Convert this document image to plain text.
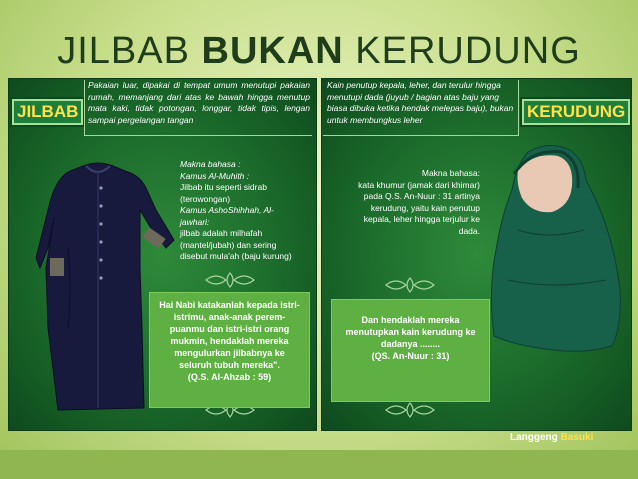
JILBAB BUKAN KERUDUNG
JILBAB	KERUDUNG
Pakaian luar, dipakai di tempat umum menutupi pakaian rumah, memanjang dari atas ke bawah hingga menutup mata kaki, tidak potongan, longgar, tidak tipis, lengan sampai pergelangan tangan
Kain penutup kepala, leher, dan terulur hingga menutupi dada (juyub / bagian atas baju yang biasa dibuka ketika hendak melepas baju), bukan untuk membungkus leher
Makna bahasa :
Kamus Al-Muhith :
Jilbab itu seperti sidrab
(terowongan)
Kamus AshoShihhah, Al-
jawhari:
jilbab adalah milhafah
(mantel/jubah) dan sering
disebut mula'ah (baju kurung)
Makna bahasa:
kata khumur (jamak dari khimar)
pada Q.S. An-Nuur : 31 artinya
kerudung, yaitu kain penutup
kepala, leher hingga terjulur ke
dada.
Hai Nabi katakanlah kepada istri-istrimu, anak-anak perem-puanmu dan istri-istri orang mukmin, hendaklah mereka mengulurkan jilbabnya ke seluruh tubuh mereka".
(Q.S. Al-Ahzab : 59)
Dan hendaklah mereka menutupkan kain kerudung ke dadanya ........
(QS. An-Nuur : 31)
Langgeng Basuki
